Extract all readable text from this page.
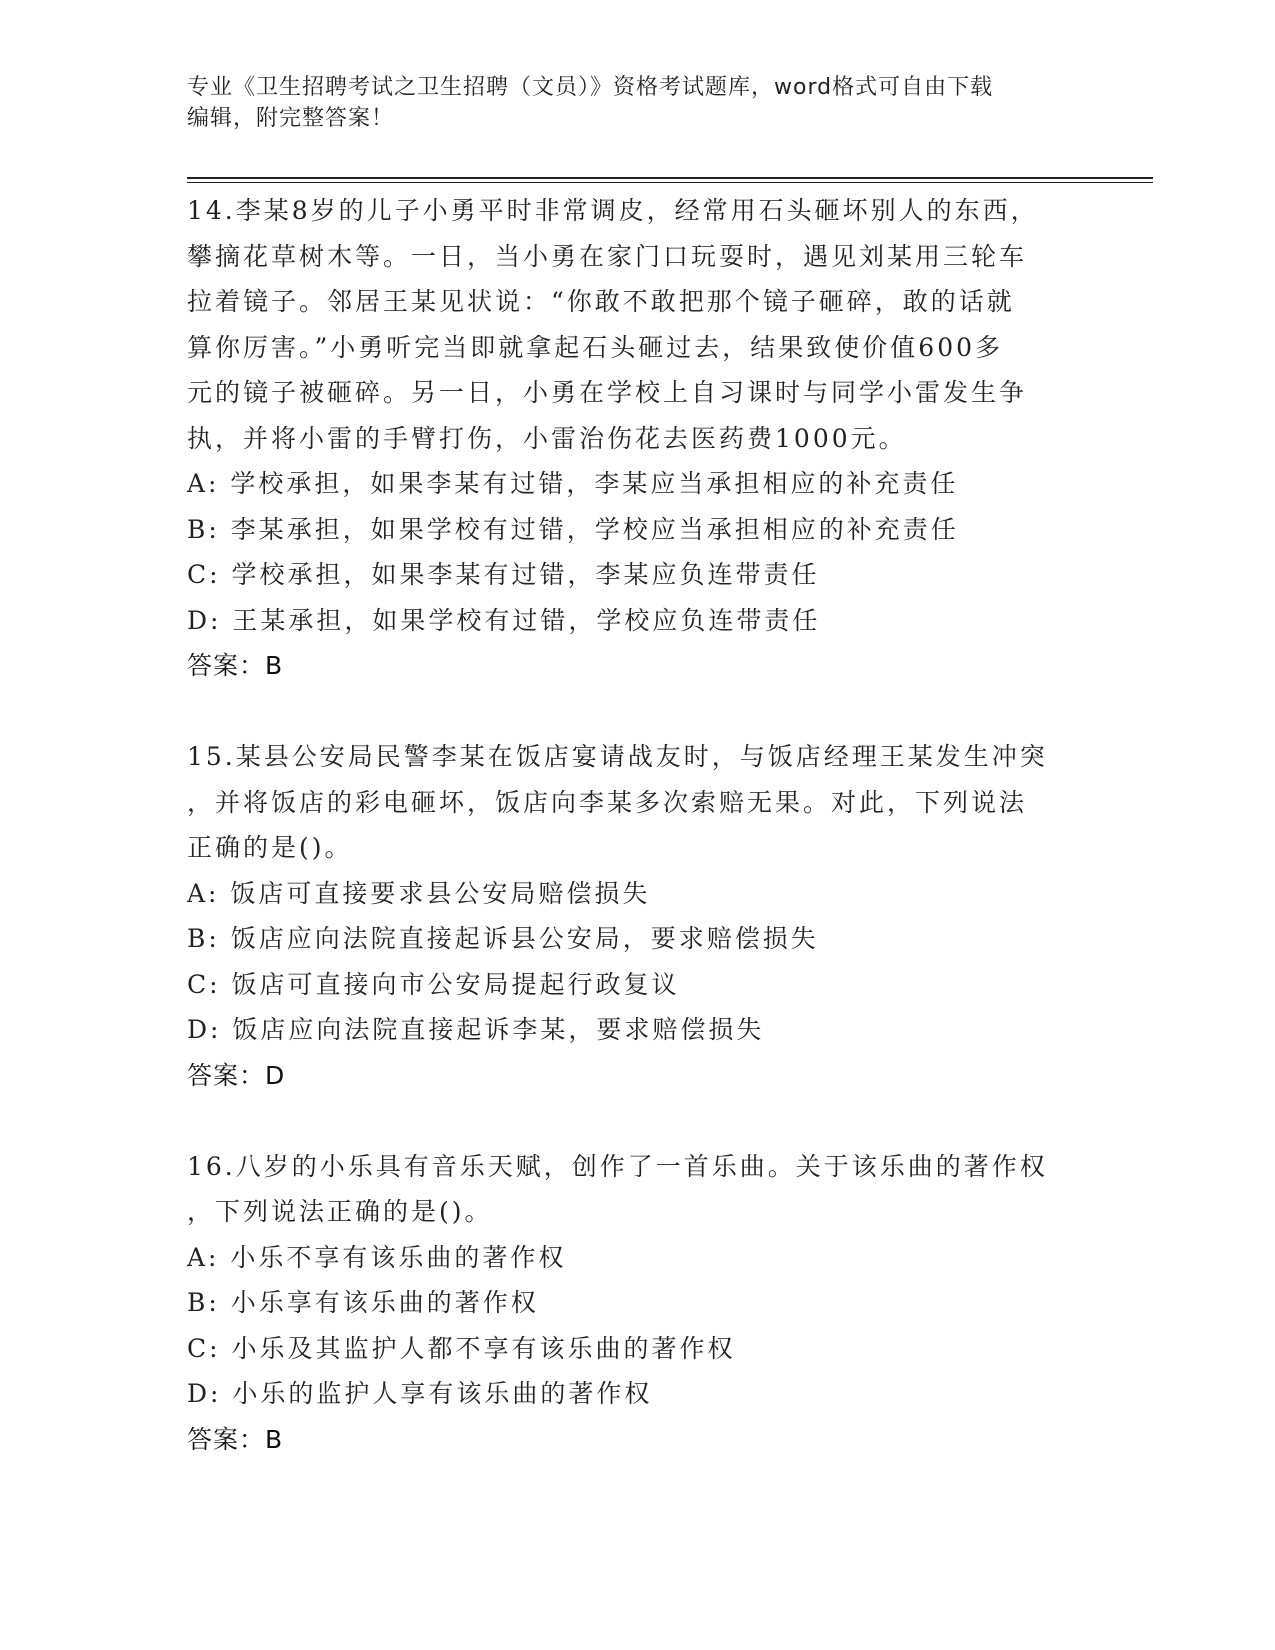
专业《卫生招聘考试之卫生招聘（文员）》资格考试题库，word格式可自由下载
编辑，附完整答案！
14.李某8岁的儿子小勇平时非常调皮，经常用石头砸坏别人的东西，
攀摘花草树木等。一日，当小勇在家门口玩耍时，遇见刘某用三轮车
拉着镜子。邻居王某见状说：“你敢不敢把那个镜子砸碎，敢的话就
算你厉害。”小勇听完当即就拿起石头砸过去，结果致使价值600多
元的镜子被砸碎。另一日，小勇在学校上自习课时与同学小雷发生争
执，并将小雷的手臂打伤，小雷治伤花去医药费1000元。
A: 学校承担，如果李某有过错，李某应当承担相应的补充责任
B: 李某承担，如果学校有过错，学校应当承担相应的补充责任
C: 学校承担，如果李某有过错，李某应负连带责任
D: 王某承担，如果学校有过错，学校应负连带责任
答案：B
15.某县公安局民警李某在饭店宴请战友时，与饭店经理王某发生冲突
，并将饭店的彩电砸坏，饭店向李某多次索赔无果。对此，下列说法
正确的是()。
A: 饭店可直接要求县公安局赔偿损失
B: 饭店应向法院直接起诉县公安局，要求赔偿损失
C: 饭店可直接向市公安局提起行政复议
D: 饭店应向法院直接起诉李某，要求赔偿损失
答案：D
16.八岁的小乐具有音乐天赋，创作了一首乐曲。关于该乐曲的著作权
，下列说法正确的是()。
A: 小乐不享有该乐曲的著作权
B: 小乐享有该乐曲的著作权
C: 小乐及其监护人都不享有该乐曲的著作权
D: 小乐的监护人享有该乐曲的著作权
答案：B
